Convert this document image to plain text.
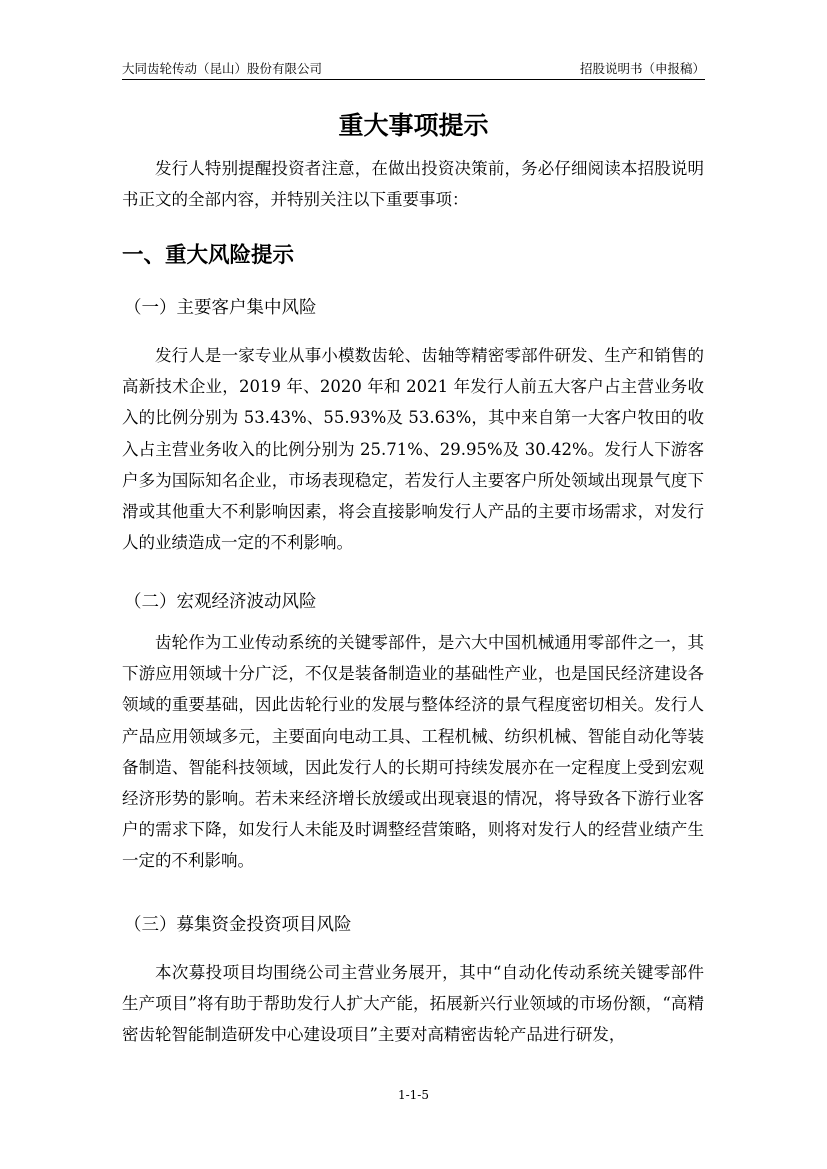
大同齿轮传动（昆山）股份有限公司	招股说明书（申报稿）
重大事项提示

发行人特别提醒投资者注意，在做出投资决策前，务必仔细阅读本招股说明书正文的全部内容，并特别关注以下重要事项：

一、重大风险提示
（一）主要客户集中风险

发行人是一家专业从事小模数齿轮、齿轴等精密零部件研发、生产和销售的高新技术企业，2019 年、2020 年和 2021 年发行人前五大客户占主营业务收入的比例分别为 53.43%、55.93%及 53.63%，其中来自第一大客户牧田的收入占主营业务收入的比例分别为 25.71%、29.95%及 30.42%。发行人下游客户多为国际知名企业，市场表现稳定，若发行人主要客户所处领域出现景气度下滑或其他重大不利影响因素，将会直接影响发行人产品的主要市场需求，对发行人的业绩造成一定的不利影响。

（二）宏观经济波动风险

齿轮作为工业传动系统的关键零部件，是六大中国机械通用零部件之一，其下游应用领域十分广泛，不仅是装备制造业的基础性产业，也是国民经济建设各领域的重要基础，因此齿轮行业的发展与整体经济的景气程度密切相关。发行人产品应用领域多元，主要面向电动工具、工程机械、纺织机械、智能自动化等装备制造、智能科技领域，因此发行人的长期可持续发展亦在一定程度上受到宏观经济形势的影响。若未来经济增长放缓或出现衰退的情况，将导致各下游行业客户的需求下降，如发行人未能及时调整经营策略，则将对发行人的经营业绩产生一定的不利影响。

（三）募集资金投资项目风险

本次募投项目均围绕公司主营业务展开，其中“自动化传动系统关键零部件生产项目”将有助于帮助发行人扩大产能，拓展新兴行业领域的市场份额，“高精密齿轮智能制造研发中心建设项目”主要对高精密齿轮产品进行研发，

1-1-5
